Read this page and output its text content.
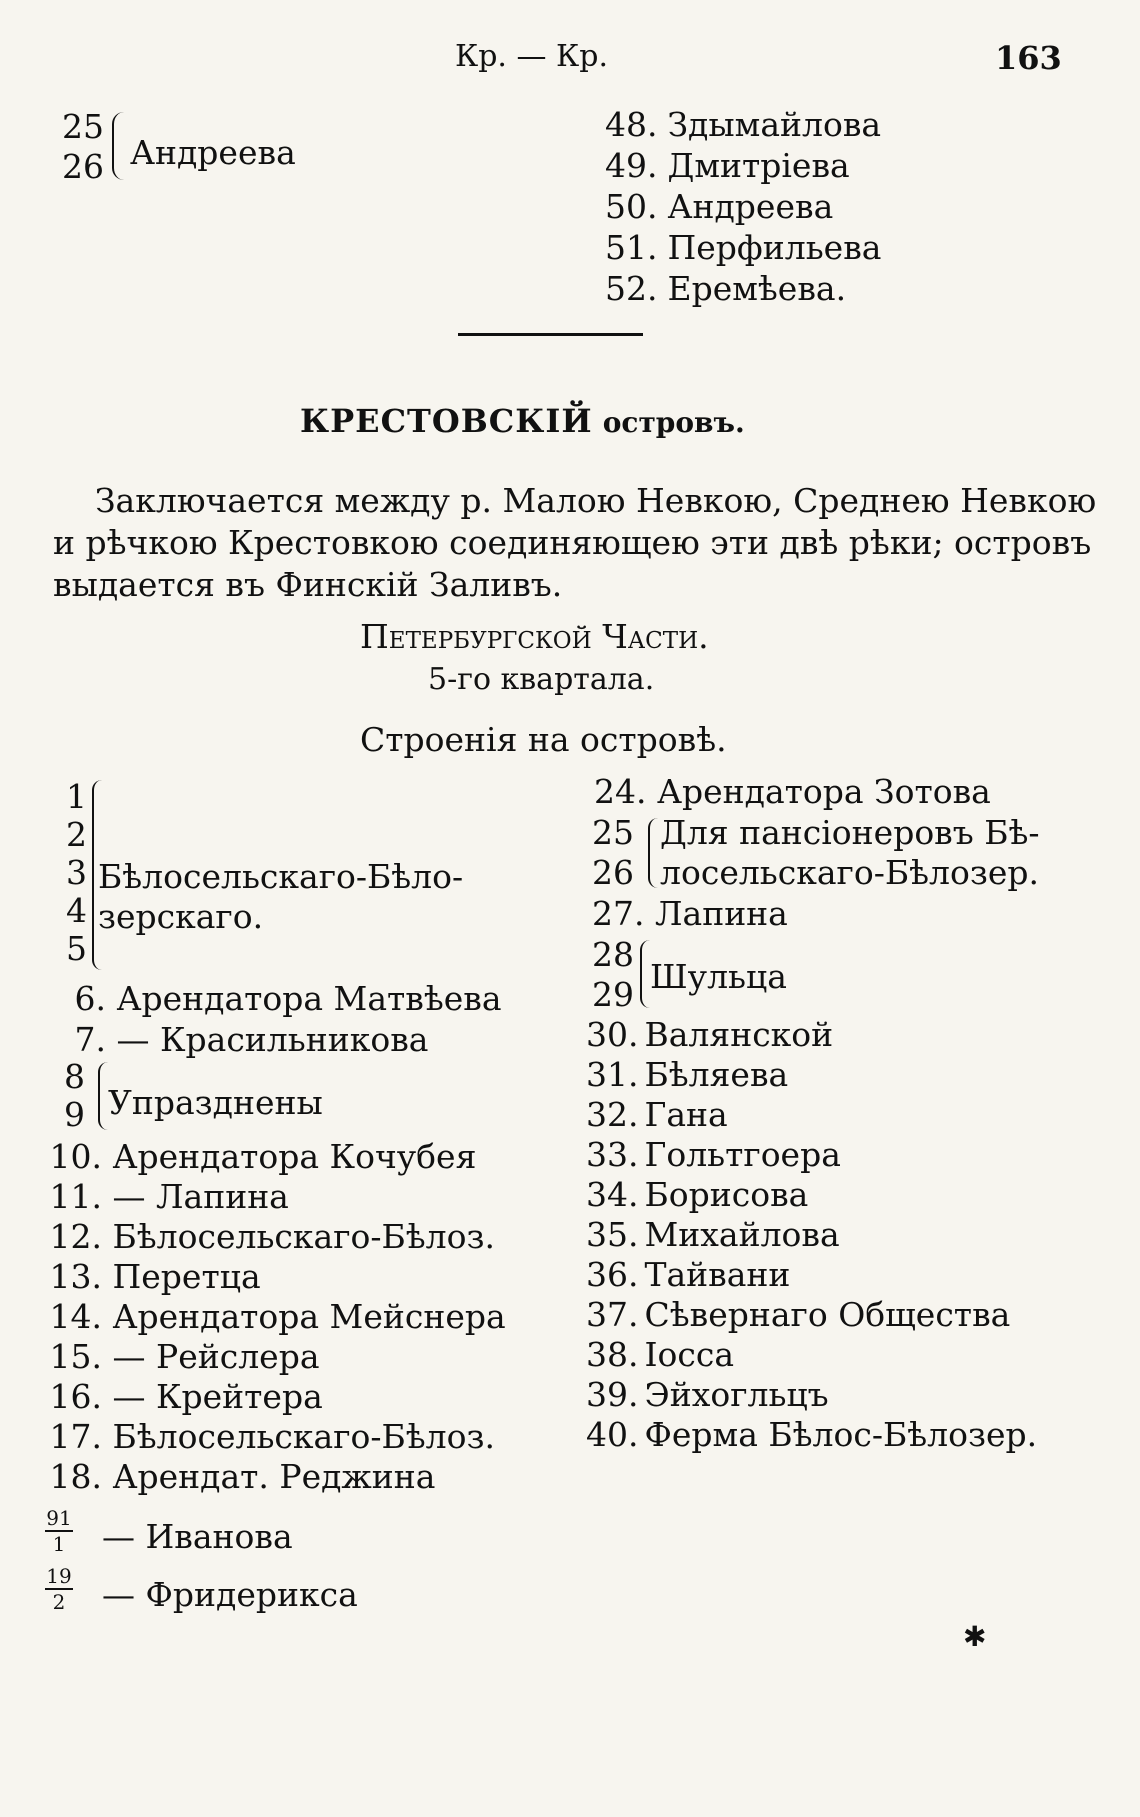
Кр. — Кр.	163
25
26 Андреева
48. Здымайлова
49. Дмитріева
50. Андреева
51. Перфильева
52. Еремѣева.
КРЕСТОВСКІЙ островъ.
Заключается между р. Малою Невкою, Среднею Невкою
и рѣчкою Крестовкою соединяющею эти двѣ рѣки; островъ
выдается въ Финскій Заливъ.
Петербургской Части.
5-го квартала.
Строенія на островѣ.
1
2
3
4
5
Бѣлосельскаго-Бѣло-
зерскаго.
6. Арендатора Матвѣева
7. — Красильникова
8
9 Упразднены
10. Арендатора Кочубея
11. — Лапина
12. Бѣлосельскаго-Бѣлоз.
13. Перетца
14. Арендатора Мейснера
15. — Рейслера
16. — Крейтера
17. Бѣлосельскаго-Бѣлоз.
18. Арендат. Реджина
91
1 — Иванова
19
2 — Фридерикса
24. Арендатора Зотова
25
26
Для пансіонеровъ Бѣ-
лосельскаго-Бѣлозер.
27. Лапина
28
29 Шульца
30. Валянской
31. Бѣляева
32. Гана
33. Гольтгоера
34. Борисова
35. Михайлова
36. Тайвани
37. Сѣвернаго Общества
38. Іосса
39. Эйхогльцъ
40. Ферма Бѣлос-Бѣлозер.
✱
